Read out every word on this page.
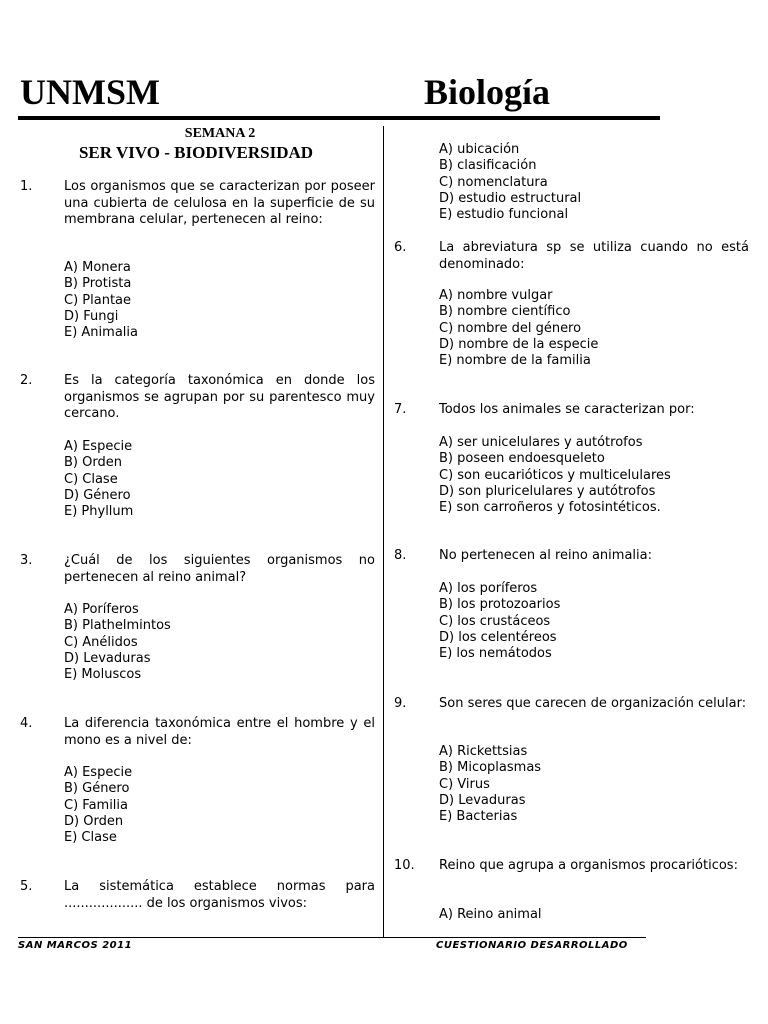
UNMSM	Biología
SEMANA 2
SER VIVO - BIODIVERSIDAD
1. Los organismos que se caracterizan por poseer una cubierta de celulosa en la superficie de su membrana celular, pertenecen al reino:
A) Monera
B) Protista
C) Plantae
D) Fungi
E) Animalia
2. Es la categoría taxonómica en donde los organismos se agrupan por su parentesco muy cercano.
A) Especie
B) Orden
C) Clase
D) Género
E) Phyllum
3. ¿Cuál de los siguientes organismos no pertenecen al reino animal?
A) Poríferos
B) Plathelmintos
C) Anélidos
D) Levaduras
E) Moluscos
4. La diferencia taxonómica entre el hombre y el mono es a nivel de:
A) Especie
B) Género
C) Familia
D) Orden
E) Clase
5. La sistemática establece normas para ................... de los organismos vivos:
A) ubicación
B) clasificación
C) nomenclatura
D) estudio estructural
E) estudio funcional
6.	La abreviatura sp se utiliza cuando no está denominado:
A) nombre vulgar
B) nombre científico
C) nombre del género
D) nombre de la especie
E) nombre de la familia
7.	Todos los animales se caracterizan por:
A) ser unicelulares y autótrofos
B) poseen endoesqueleto
C) son eucarióticos y multicelulares
D) son pluricelulares y autótrofos
E) son carroñeros y fotosintéticos.
8.	No pertenecen al reino animalia:
A) los poríferos
B) los protozoarios
C) los crustáceos
D) los celentéreos
E) los nemátodos
9.	Son seres que carecen de organización celular:
A) Rickettsias
B) Micoplasmas
C) Virus
D) Levaduras
E) Bacterias
10. Reino que agrupa a organismos procarióticos:
A) Reino animal
SAN MARCOS 2011	CUESTIONARIO DESARROLLADO
